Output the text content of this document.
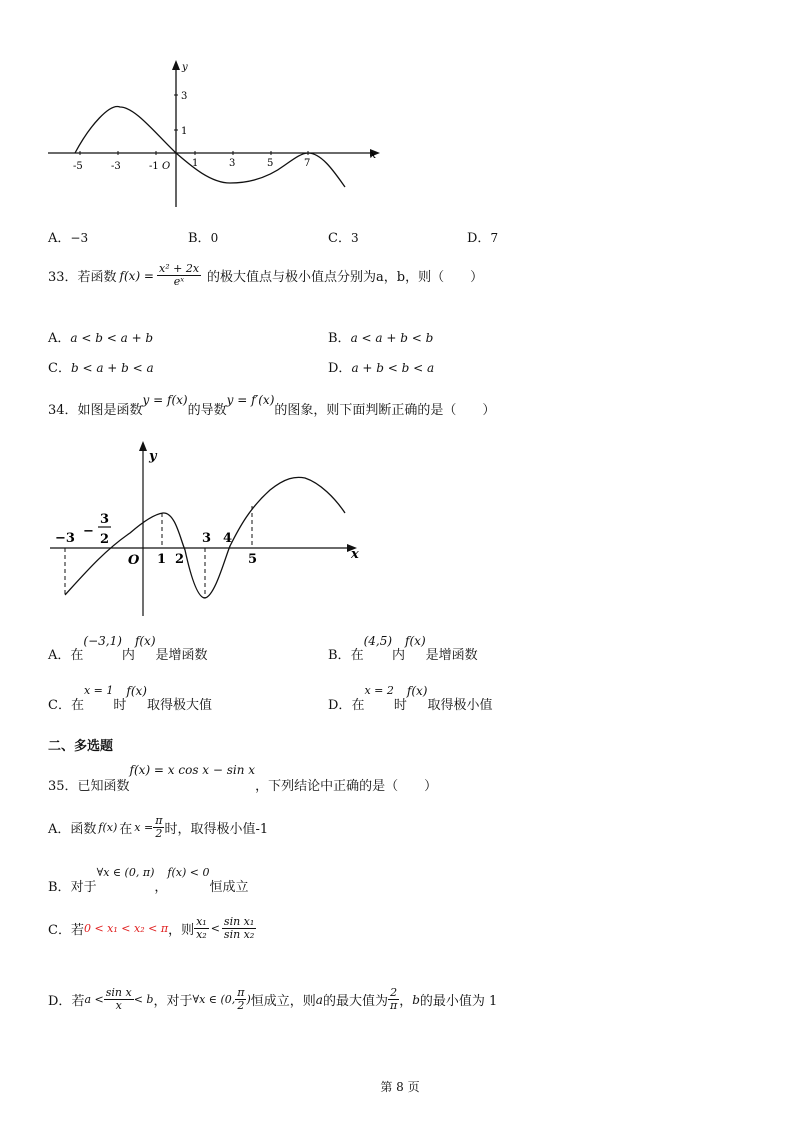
x
y
-5	-3	-1 O 1	3	5	7
3
1
A．−3	B．0	C．3	D．7
33．若函数 $f(x) = \frac{\text{x² + 2x}}{\text{eˣ}}$ 的极大值点与极小值点分别为a，b，则（　　）
A．a < b < a + b	B．a < a + b < b
C．b < a + b < a	D．a + b < b < a
34．如图是函数
y = f(x)
的导数
y = f′(x)
的图象，则下面判断正确的是（　　）
y
x
O
−3 −
3
2
1 2
3 4
5
A． 在
(−3,1)
内
f(x)
是增函数	B． 在
(4,5)
内
f(x)
是增函数
C． 在
x = 1
时
f(x)
取得极大值	D． 在
x = 2
时
f(x)
取得极小值
二、多选题
35．已知函数
f(x) = x cos x − sin x
，下列结论中正确的是（　　）
A． 函数 f(x) 在 $x = \frac{\pi}{2}$ 时，取得极小值-1
B． 对于
∀x ∈ (0, π)
，
f(x) < 0
恒成立
C． 若 0 < x₁ < x₂ < π ，则 $\frac{\text{x₁}}{\text{x₂}} < \frac{\text{sin x₁}}{\text{sin x₂}}$
D． 若 $a < \frac{\text{sin x}}{x} < b$ ，对于 ∀x ∈ (0, $\frac{\pi}{2}$ ) 恒成立，则 a 的最大值为 $\frac{2}{\pi}$ ， b 的最小值为 1
第 8 页
